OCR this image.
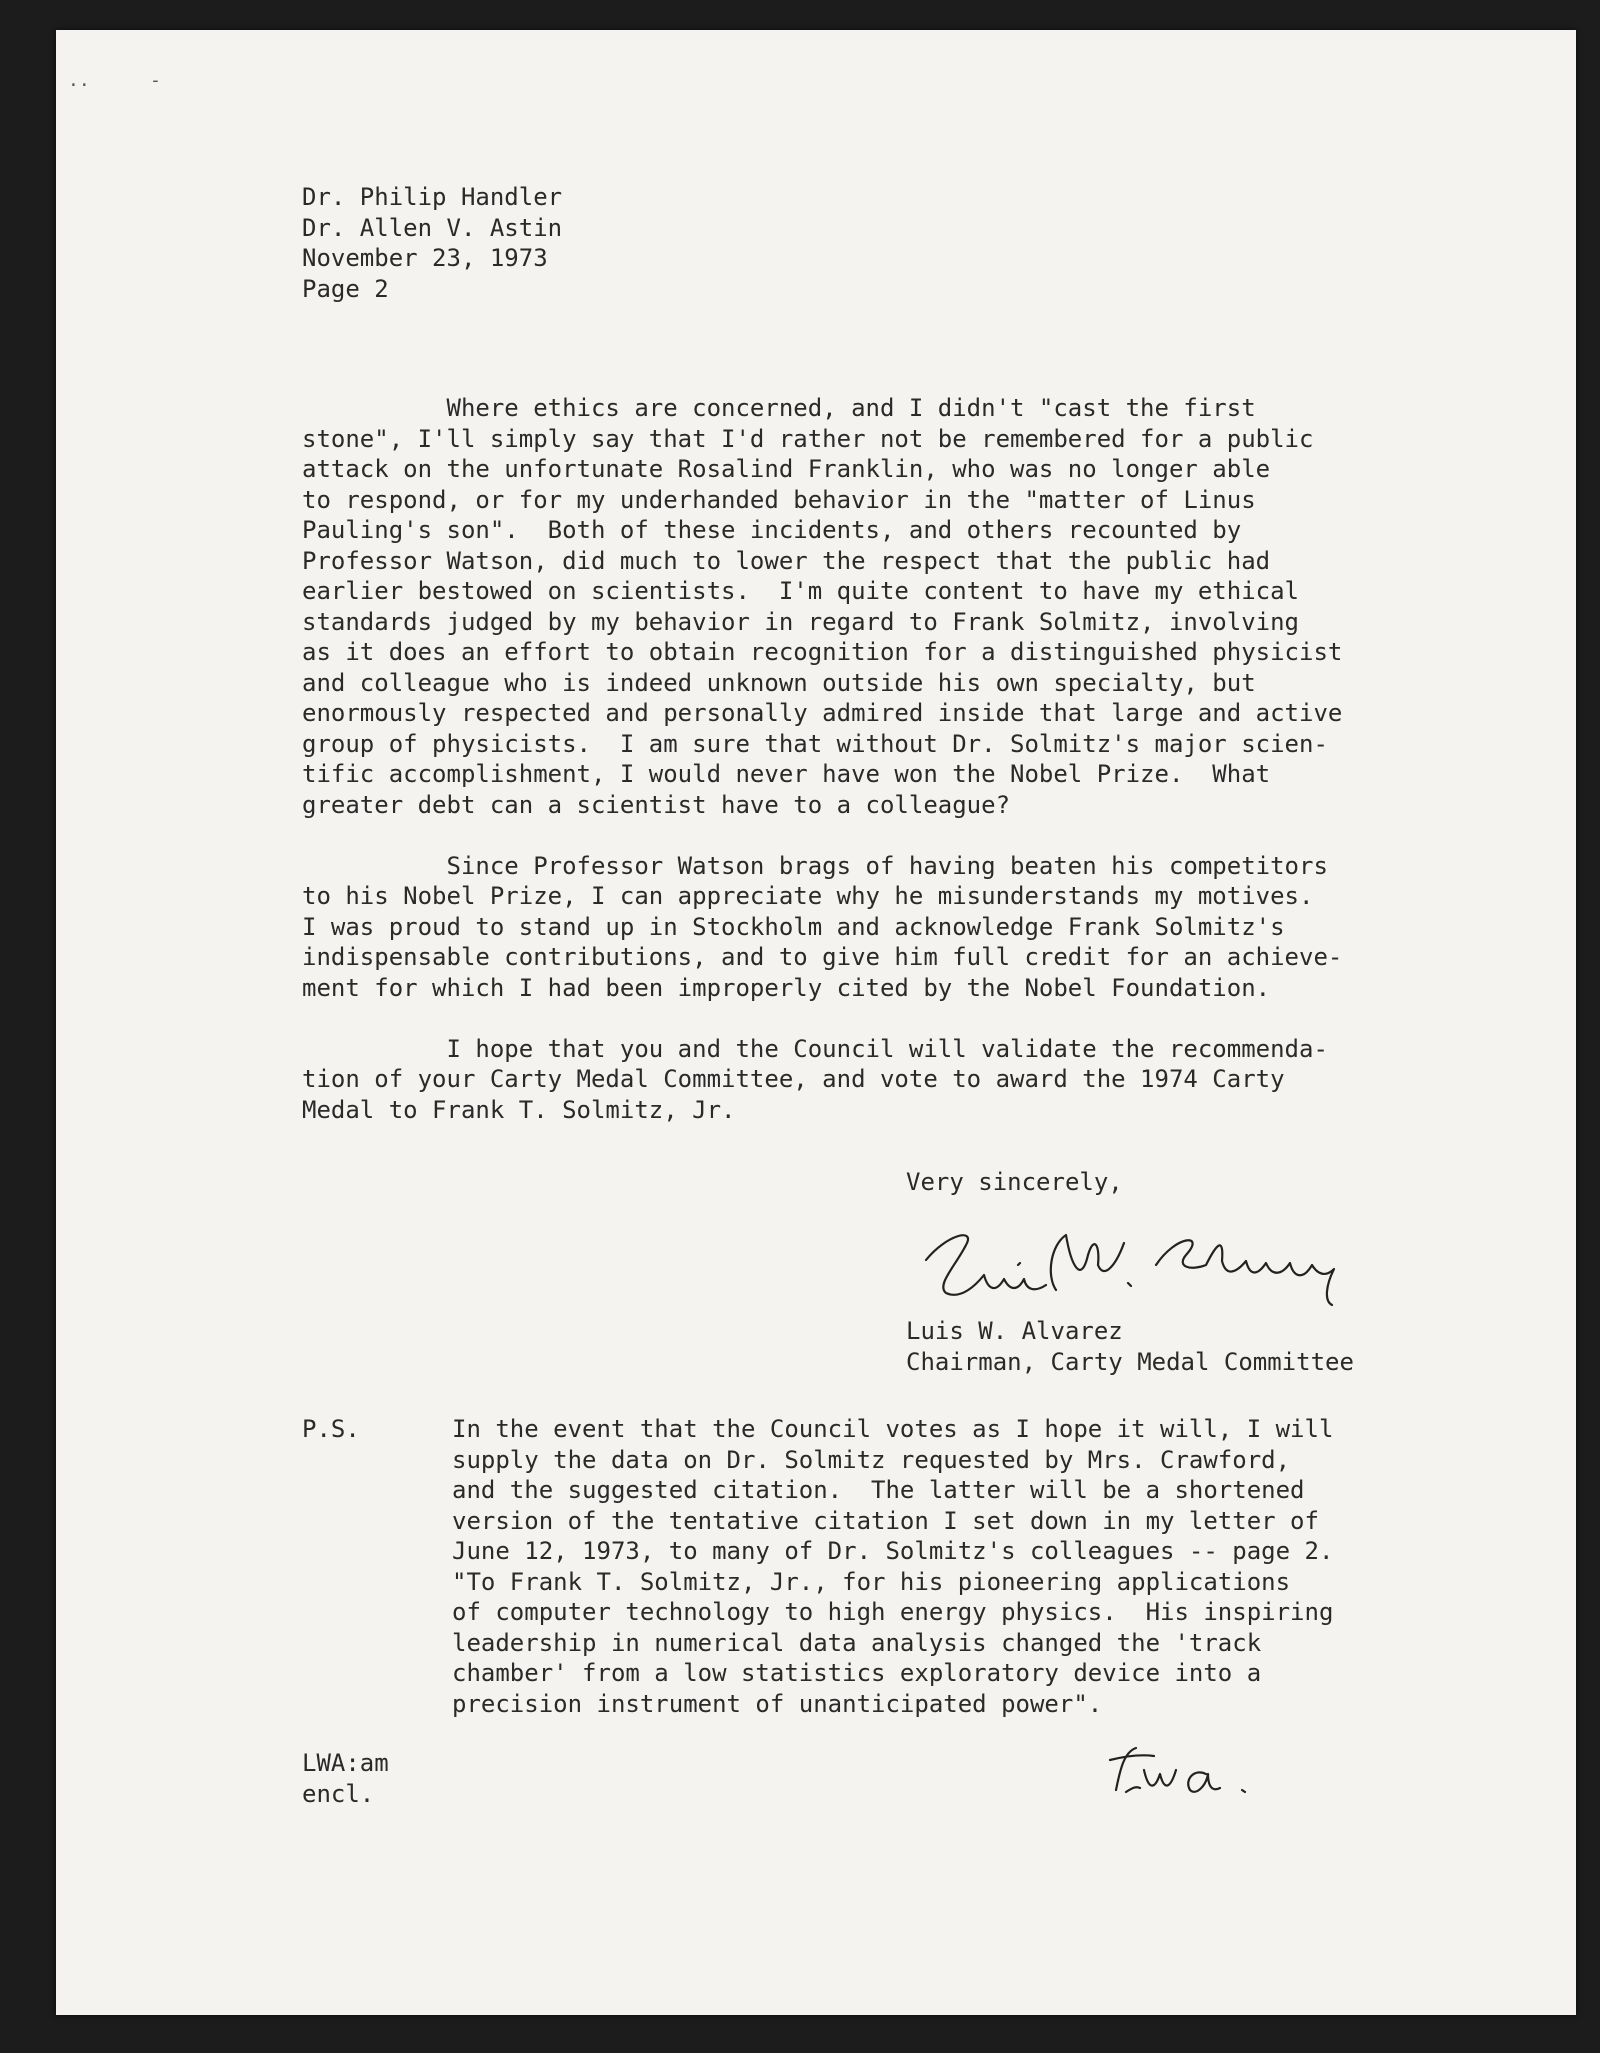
..	-
Dr. Philip Handler
Dr. Allen V. Astin
November 23, 1973
Page 2
Where ethics are concerned, and I didn't "cast the first
stone", I'll simply say that I'd rather not be remembered for a public
attack on the unfortunate Rosalind Franklin, who was no longer able
to respond, or for my underhanded behavior in the "matter of Linus
Pauling's son".  Both of these incidents, and others recounted by
Professor Watson, did much to lower the respect that the public had
earlier bestowed on scientists.  I'm quite content to have my ethical
standards judged by my behavior in regard to Frank Solmitz, involving
as it does an effort to obtain recognition for a distinguished physicist
and colleague who is indeed unknown outside his own specialty, but
enormously respected and personally admired inside that large and active
group of physicists.  I am sure that without Dr. Solmitz's major scien-
tific accomplishment, I would never have won the Nobel Prize.  What
greater debt can a scientist have to a colleague?

Since Professor Watson brags of having beaten his competitors
to his Nobel Prize, I can appreciate why he misunderstands my motives.
I was proud to stand up in Stockholm and acknowledge Frank Solmitz's
indispensable contributions, and to give him full credit for an achieve-
ment for which I had been improperly cited by the Nobel Foundation.

I hope that you and the Council will validate the recommenda-
tion of your Carty Medal Committee, and vote to award the 1974 Carty
Medal to Frank T. Solmitz, Jr.
Very sincerely,
Luis W. Alvarez
Chairman, Carty Medal Committee
P.S.	In the event that the Council votes as I hope it will, I will
supply the data on Dr. Solmitz requested by Mrs. Crawford,
and the suggested citation.  The latter will be a shortened
version of the tentative citation I set down in my letter of
June 12, 1973, to many of Dr. Solmitz's colleagues -- page 2.
"To Frank T. Solmitz, Jr., for his pioneering applications
of computer technology to high energy physics.  His inspiring
leadership in numerical data analysis changed the 'track
chamber' from a low statistics exploratory device into a
precision instrument of unanticipated power".
LWA:am
encl.
